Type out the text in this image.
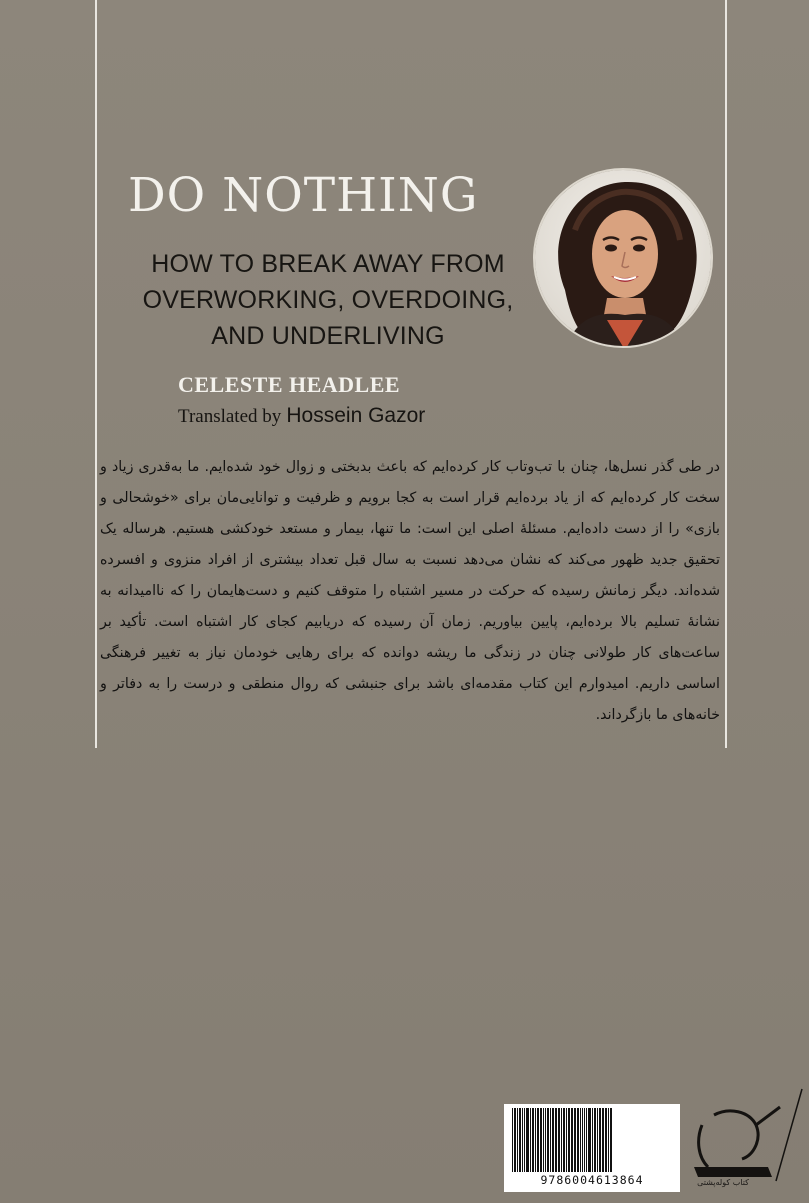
DO NOTHING
HOW TO BREAK AWAY FROM
OVERWORKING, OVERDOING,
AND UNDERLIVING
CELESTE HEADLEE
Translated by Hossein Gazor
در طی گذر نسل‌ها، چنان با تب‌وتاب کار کرده‌ایم که باعث بدبختی و زوال خود شده‌ایم. ما به‌قدری زیاد و سخت کار کرده‌ایم که از یاد برده‌ایم قرار است به کجا برویم و ظرفیت و توانایی‌مان برای «خوشحالی و بازی» را از دست داده‌ایم. مسئلهٔ اصلی این است: ما تنها، بیمار و مستعد خودکشی هستیم. هرساله یک تحقیق جدید ظهور می‌کند که نشان می‌دهد نسبت به سال قبل تعداد بیشتری از افراد منزوی و افسرده شده‌اند. دیگر زمانش رسیده که حرکت در مسیر اشتباه را متوقف کنیم و دست‌هایمان را که ناامیدانه به نشانهٔ تسلیم بالا برده‌ایم، پایین بیاوریم. زمان آن رسیده که دریابیم کجای کار اشتباه است. تأکید بر ساعت‌های کار طولانی چنان در زندگی ما ریشه دوانده که برای رهایی خودمان نیاز به تغییر فرهنگی اساسی داریم. امیدوارم این کتاب مقدمه‌ای باشد برای جنبشی که روال منطقی و درست را به دفاتر و خانه‌های ما بازگرداند.
9786004613864	کتاب کوله‌پشتی
